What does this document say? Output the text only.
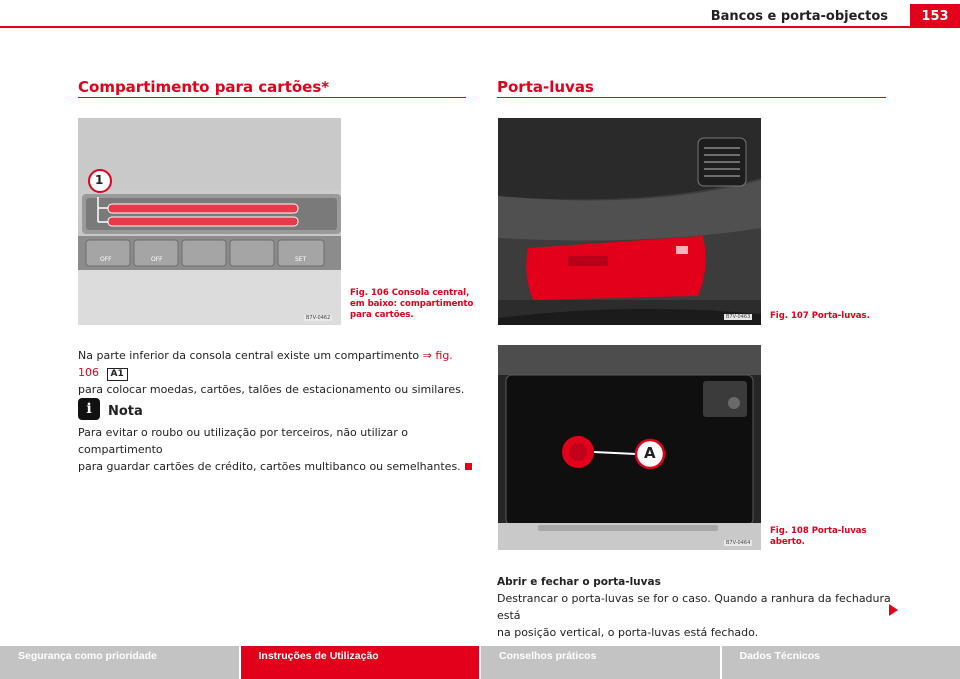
Bancos e porta-objectos	153
Compartimento para cartões*
1
OFF	OFF	SET
B7V-0462
Fig. 106 Consola central,
em baixo: compartimento
para cartões.
Na parte inferior da consola central existe um compartimento ⇒ fig. 106 A1
para colocar moedas, cartões, talões de estacionamento ou similares.
i	Nota
Para evitar o roubo ou utilização por terceiros, não utilizar o compartimento
para guardar cartões de crédito, cartões multibanco ou semelhantes.
Porta-luvas
B7V-0463 Fig. 107 Porta-luvas.
A
B7V-0464
Fig. 108 Porta-luvas
aberto.
Abrir e fechar o porta-luvas
Destrancar o porta-luvas se for o caso. Quando a ranhura da fechadura está
na posição vertical, o porta-luvas está fechado.
Segurança como prioridade	Instruções de Utilização	Conselhos práticos	Dados Técnicos
